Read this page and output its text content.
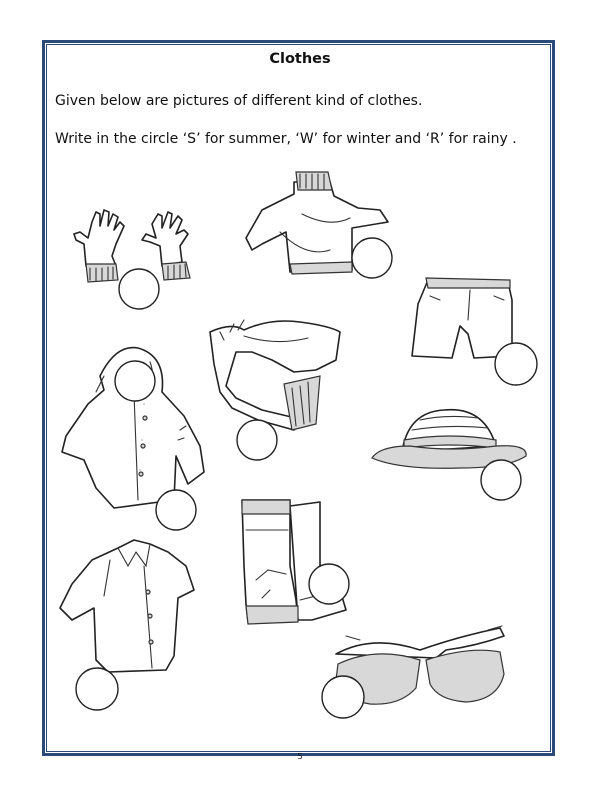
Clothes
Given below are pictures of different kind of clothes.
Write in the circle ‘S’ for summer, ‘W’ for winter and ‘R’ for rainy .
5
